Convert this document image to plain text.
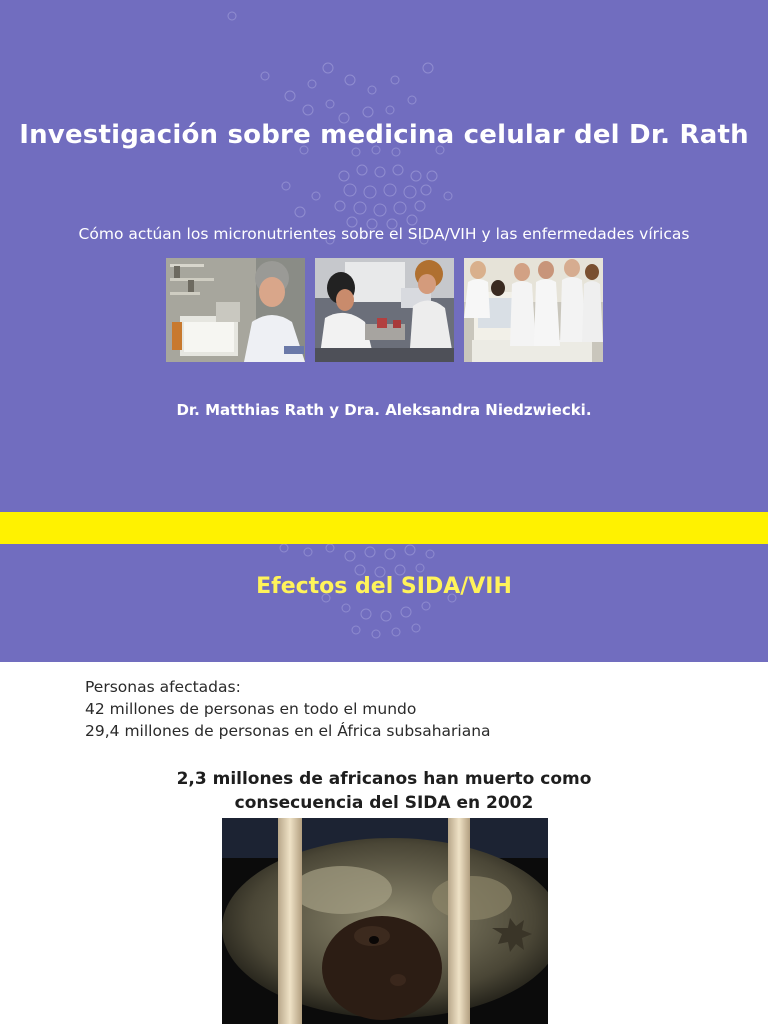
Investigación sobre medicina celular del Dr. Rath
Cómo actúan los micronutrientes sobre el SIDA/VIH y las enfermedades víricas
Dr. Matthias Rath y Dra. Aleksandra Niedzwiecki.
Efectos del SIDA/VIH
Personas afectadas:
42 millones de personas en todo el mundo
29,4 millones de personas en el África subsahariana
2,3 millones de africanos han muerto como
consecuencia del SIDA en 2002
